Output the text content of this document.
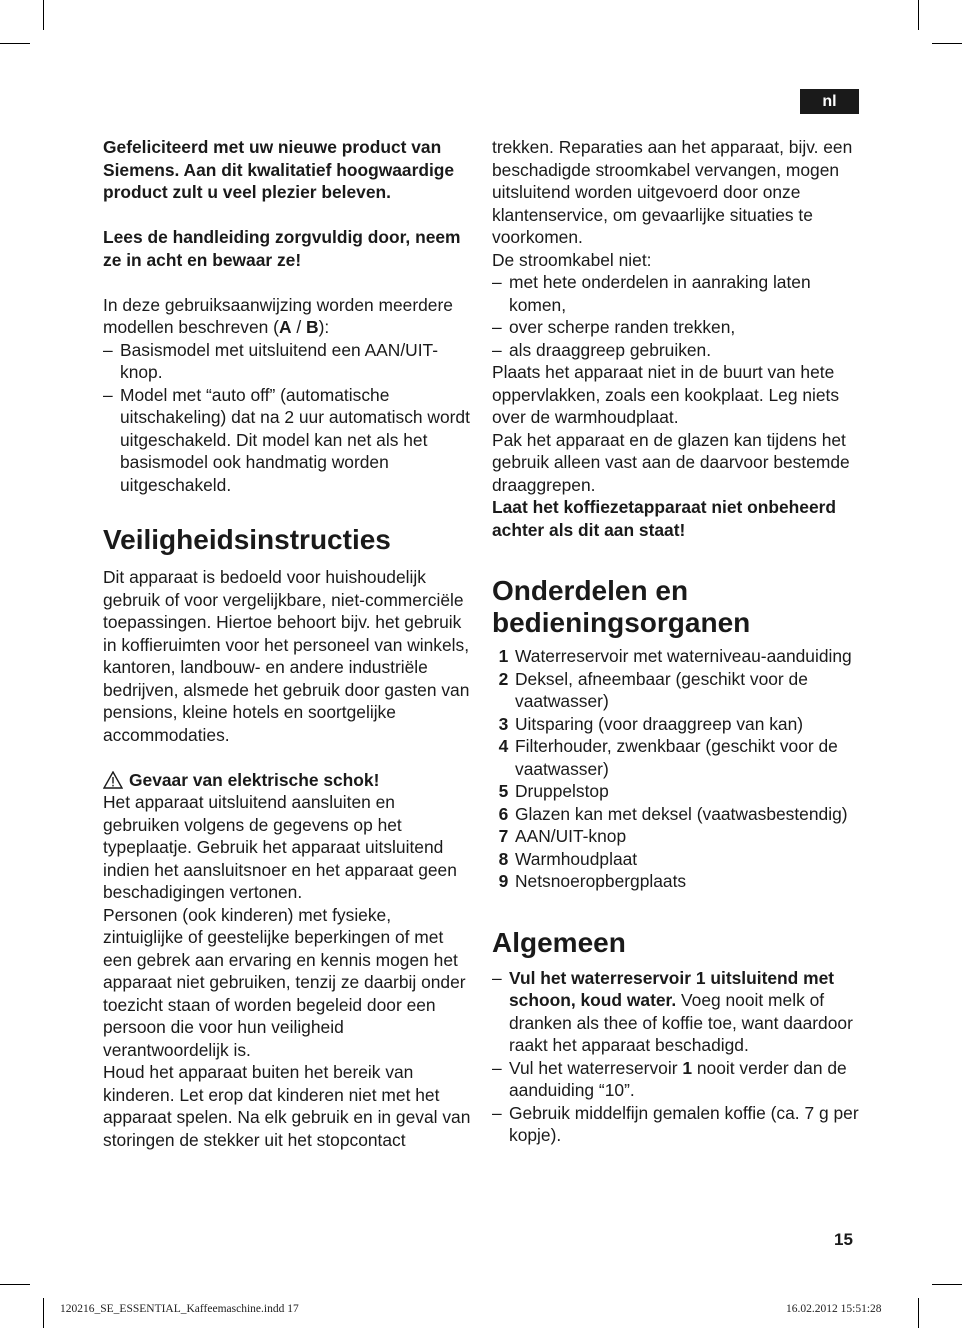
nl

Gefeliciteerd met uw nieuwe product van Siemens. Aan dit kwalitatief hoogwaardige product zult u veel plezier beleven.

Lees de handleiding zorgvuldig door, neem ze in acht en bewaar ze!

In deze gebruiksaanwijzing worden meerdere modellen beschreven (A / B):

– Basismodel met uitsluitend een AAN/UIT-knop.
– Model met “auto off” (automatische uitschakeling) dat na 2 uur automatisch wordt uitgeschakeld. Dit model kan net als het basismodel ook handmatig worden uitgeschakeld.
Veiligheidsinstructies

Dit apparaat is bedoeld voor huishoudelijk gebruik of voor vergelijkbare, niet-commerciële toepassingen. Hiertoe behoort bijv. het gebruik in koffieruimten voor het personeel van winkels, kantoren, landbouw- en andere industriële bedrijven, alsmede het gebruik door gasten van pensions, kleine hotels en soortgelijke accommodaties.

Gevaar van elektrische schok!

Het apparaat uitsluitend aansluiten en gebruiken volgens de gegevens op het typeplaatje. Gebruik het apparaat uitsluitend indien het aansluitsnoer en het apparaat geen beschadigingen vertonen.

Personen (ook kinderen) met fysieke, zintuiglijke of geestelijke beperkingen of met een gebrek aan ervaring en kennis mogen het apparaat niet gebruiken, tenzij ze daarbij onder toezicht staan of worden begeleid door een persoon die voor hun veiligheid verantwoordelijk is.

Houd het apparaat buiten het bereik van kinderen. Let erop dat kinderen niet met het apparaat spelen. Na elk gebruik en in geval van storingen de stekker uit het stopcontact

trekken. Reparaties aan het apparaat, bijv. een beschadigde stroomkabel vervangen, mogen uitsluitend worden uitgevoerd door onze klantenservice, om gevaarlijke situaties te voorkomen.

De stroomkabel niet:

– met hete onderdelen in aanraking laten komen,
– over scherpe randen trekken,
– als draaggreep gebruiken.

Plaats het apparaat niet in de buurt van hete oppervlakken, zoals een kookplaat. Leg niets over de warmhoudplaat.

Pak het apparaat en de glazen kan tijdens het gebruik alleen vast aan de daarvoor bestemde draaggrepen.

Laat het koffiezetapparaat niet onbeheerd achter als dit aan staat!

Onderdelen en bedieningsorganen
1 Waterreservoir met waterniveau-aanduiding
2 Deksel, afneembaar (geschikt voor de vaatwasser)
3 Uitsparing (voor draaggreep van kan)
4 Filterhouder, zwenkbaar (geschikt voor de vaatwasser)
5 Druppelstop
6 Glazen kan met deksel (vaatwasbestendig)
7 AAN/UIT-knop
8 Warmhoudplaat
9 Netsnoeropbergplaats
Algemeen
– Vul het waterreservoir 1 uitsluitend met schoon, koud water. Voeg nooit melk of dranken als thee of koffie toe, want daardoor raakt het apparaat beschadigd.
– Vul het waterreservoir 1 nooit verder dan de aanduiding “10”.
– Gebruik middelfijn gemalen koffie (ca. 7 g per kopje).
15
120216_SE_ESSENTIAL_Kaffeemaschine.indd 17	16.02.2012 15:51:28
